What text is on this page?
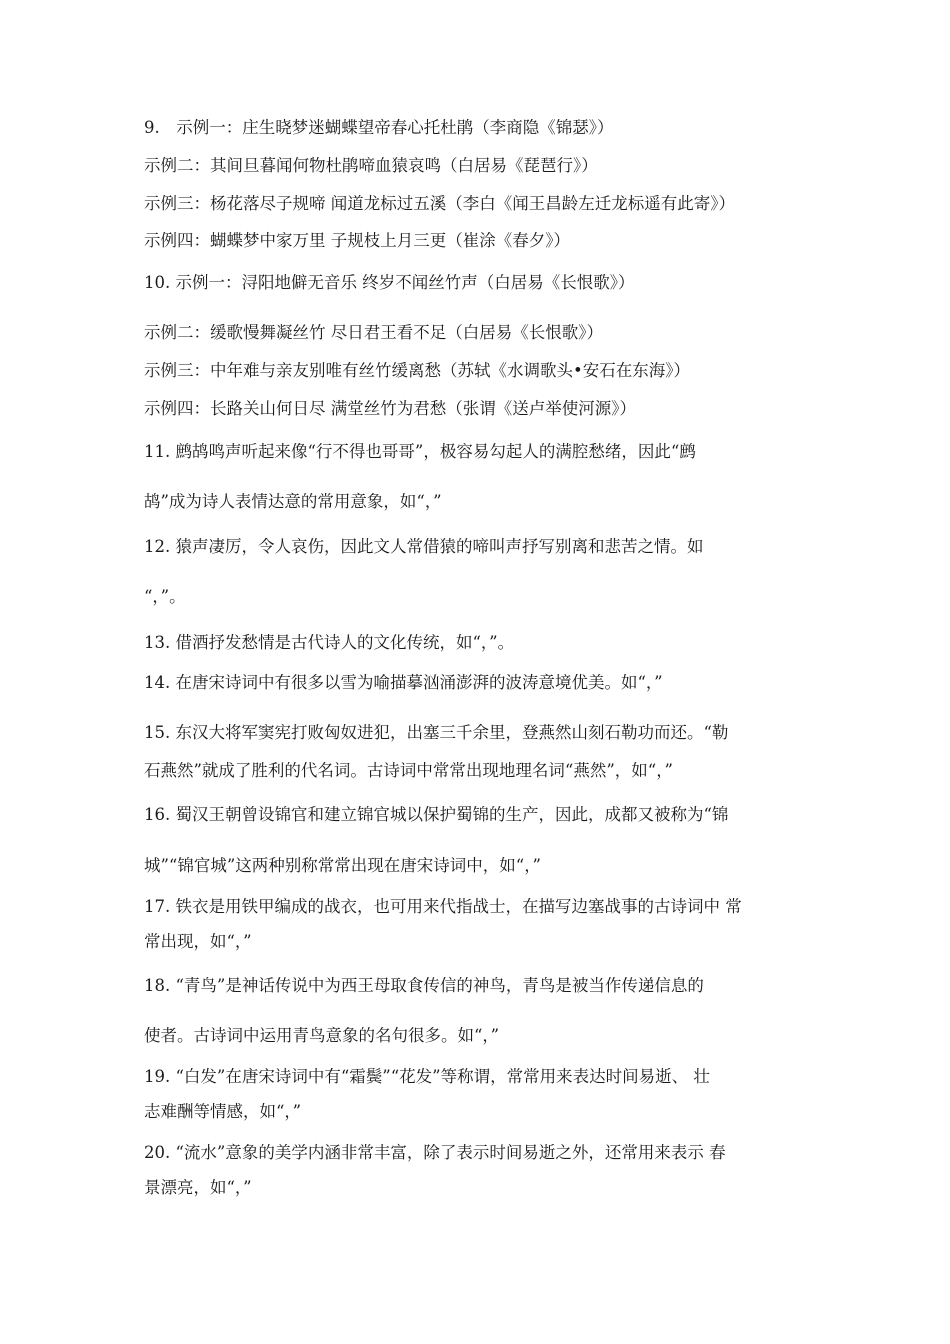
9.　示例一：庄生晓梦迷蝴蝶望帝春心托杜鹃（李商隐《锦瑟》）

示例二：其间旦暮闻何物杜鹃啼血猿哀鸣（白居易《琵琶行》）

示例三：杨花落尽子规啼 闻道龙标过五溪（李白《闻王昌龄左迁龙标遥有此寄》）

示例四：蝴蝶梦中家万里 子规枝上月三更（崔涂《春夕》）

10. 示例一：浔阳地僻无音乐 终岁不闻丝竹声（白居易《长恨歌》）

示例二：缓歌慢舞凝丝竹 尽日君王看不足（白居易《长恨歌》）

示例三：中年难与亲友别唯有丝竹缓离愁（苏轼《水调歌头•安石在东海》）

示例四：长路关山何日尽 满堂丝竹为君愁（张谓《送卢举使河源》）

11. 鹧鸪鸣声听起来像“行不得也哥哥”，极容易勾起人的满腔愁绪，因此“鹧

鸪”成为诗人表情达意的常用意象，如“，”

12. 猿声凄厉，令人哀伤，因此文人常借猿的啼叫声抒写别离和悲苦之情。如

“，”。

13. 借酒抒发愁情是古代诗人的文化传统，如“，”。

14. 在唐宋诗词中有很多以雪为喻描摹汹涌澎湃的波涛意境优美。如“，”

15. 东汉大将军窦宪打败匈奴进犯，出塞三千余里，登燕然山刻石勒功而还。“勒

石燕然”就成了胜利的代名词。古诗词中常常出现地理名词“燕然”，如“，”

16. 蜀汉王朝曾设锦官和建立锦官城以保护蜀锦的生产，因此，成都又被称为“锦

城”“锦官城”这两种别称常常出现在唐宋诗词中，如“，”

17. 铁衣是用铁甲编成的战衣，也可用来代指战士，在描写边塞战事的古诗词中 常

常出现，如“，”

18. “青鸟”是神话传说中为西王母取食传信的神鸟，青鸟是被当作传递信息的

使者。古诗词中运用青鸟意象的名句很多。如“，”

19. “白发”在唐宋诗词中有“霜鬓”“花发”等称谓，常常用来表达时间易逝、 壮

志难酬等情感，如“，”

20. “流水”意象的美学内涵非常丰富，除了表示时间易逝之外，还常用来表示 春

景漂亮，如“，”
